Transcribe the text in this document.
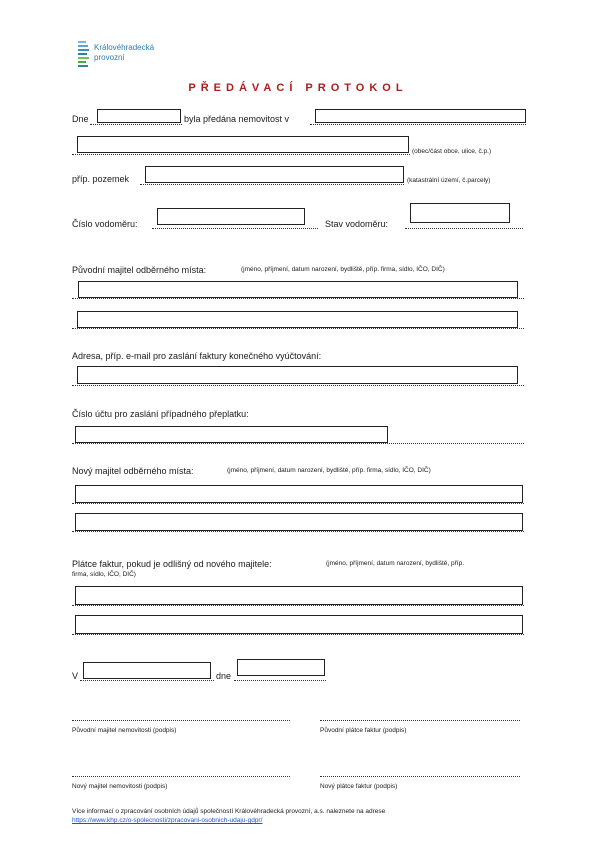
Královéhradecká
provozní
PŘEDÁVACÍ PROTOKOL
Dne	byla předána nemovitost v
(obec/část obce, ulice, č.p.)
příp. pozemek	(katastrální území, č.parcely)
Číslo vodoměru:	Stav vodoměru:
Původní majitel odběrného místa:	(jméno, příjmení, datum narození, bydliště, příp. firma, sídlo, IČO, DIČ)
Adresa, příp. e-mail pro zaslání faktury konečného vyúčtování:
Číslo účtu pro zaslání případného přeplatku:
Nový majitel odběrného místa:	(jméno, příjmení, datum narození, bydliště, příp. firma, sídlo, IČO, DIČ)
Plátce faktur, pokud je odlišný od nového majitele:	(jméno, příjmení, datum narození, bydliště, příp.
firma, sídlo, IČO, DIČ)
V	dne
Původní majitel nemovitosti (podpis)	Původní plátce faktur (podpis)
Nový majitel nemovitosti (podpis)	Nový plátce faktur (podpis)
Více informací o zpracování osobních údajů společností Královéhradecká provozní, a.s. naleznete na adrese
https://www.khp.cz/o-spolecnosti/zpracovani-osobnich-udaju-gdpr/
